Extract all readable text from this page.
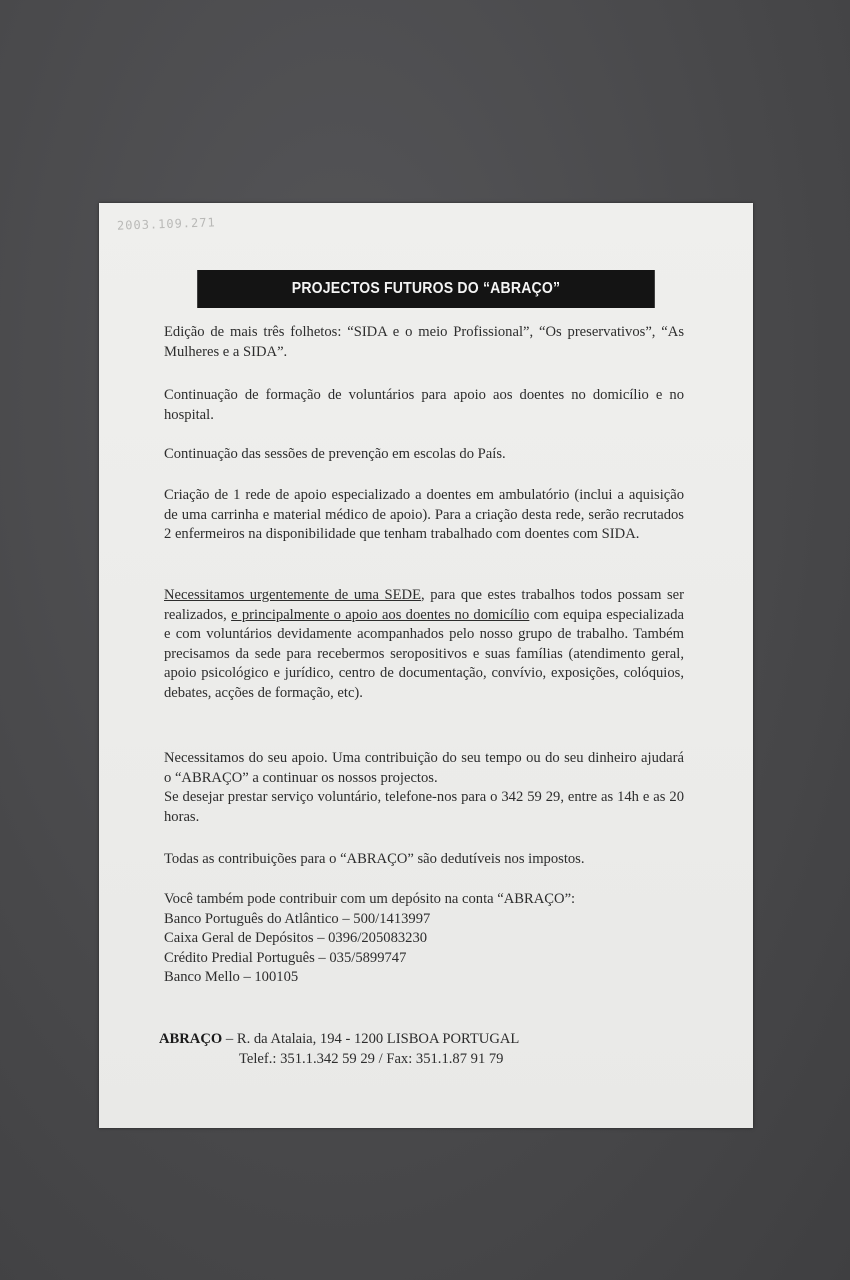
2003.109.271
PROJECTOS FUTUROS DO “ABRAÇO”

Edição de mais três folhetos: “SIDA e o meio Profissional”, “Os preservativos”, “As Mulheres e a SIDA”.

Continuação de formação de voluntários para apoio aos doentes no domicílio e no hospital.

Continuação das sessões de prevenção em escolas do País.

Criação de 1 rede de apoio especializado a doentes em ambulatório (inclui a aquisição de uma carrinha e material médico de apoio). Para a criação desta rede, serão recrutados 2 enfermeiros na disponibilidade que tenham trabalhado com doentes com SIDA.

Necessitamos urgentemente de uma SEDE, para que estes trabalhos todos possam ser realizados, e principalmente o apoio aos doentes no domicílio com equipa especializada e com voluntários devidamente acompanhados pelo nosso grupo de trabalho. Também precisamos da sede para recebermos seropositivos e suas famílias (atendimento geral, apoio psicológico e jurídico, centro de documentação, convívio, exposições, colóquios, debates, acções de formação, etc).

Necessitamos do seu apoio. Uma contribuição do seu tempo ou do seu dinheiro ajudará o “ABRAÇO” a continuar os nossos projectos.

Se desejar prestar serviço voluntário, telefone-nos para o 342 59 29, entre as 14h e as 20 horas.

Todas as contribuições para o “ABRAÇO” são dedutíveis nos impostos.

Você também pode contribuir com um depósito na conta “ABRAÇO”:
Banco Português do Atlântico – 500/1413997
Caixa Geral de Depósitos – 0396/205083230
Crédito Predial Português – 035/5899747
Banco Mello – 100105
ABRAÇO – R. da Atalaia, 194 - 1200 LISBOA PORTUGAL
Telef.: 351.1.342 59 29 / Fax: 351.1.87 91 79
